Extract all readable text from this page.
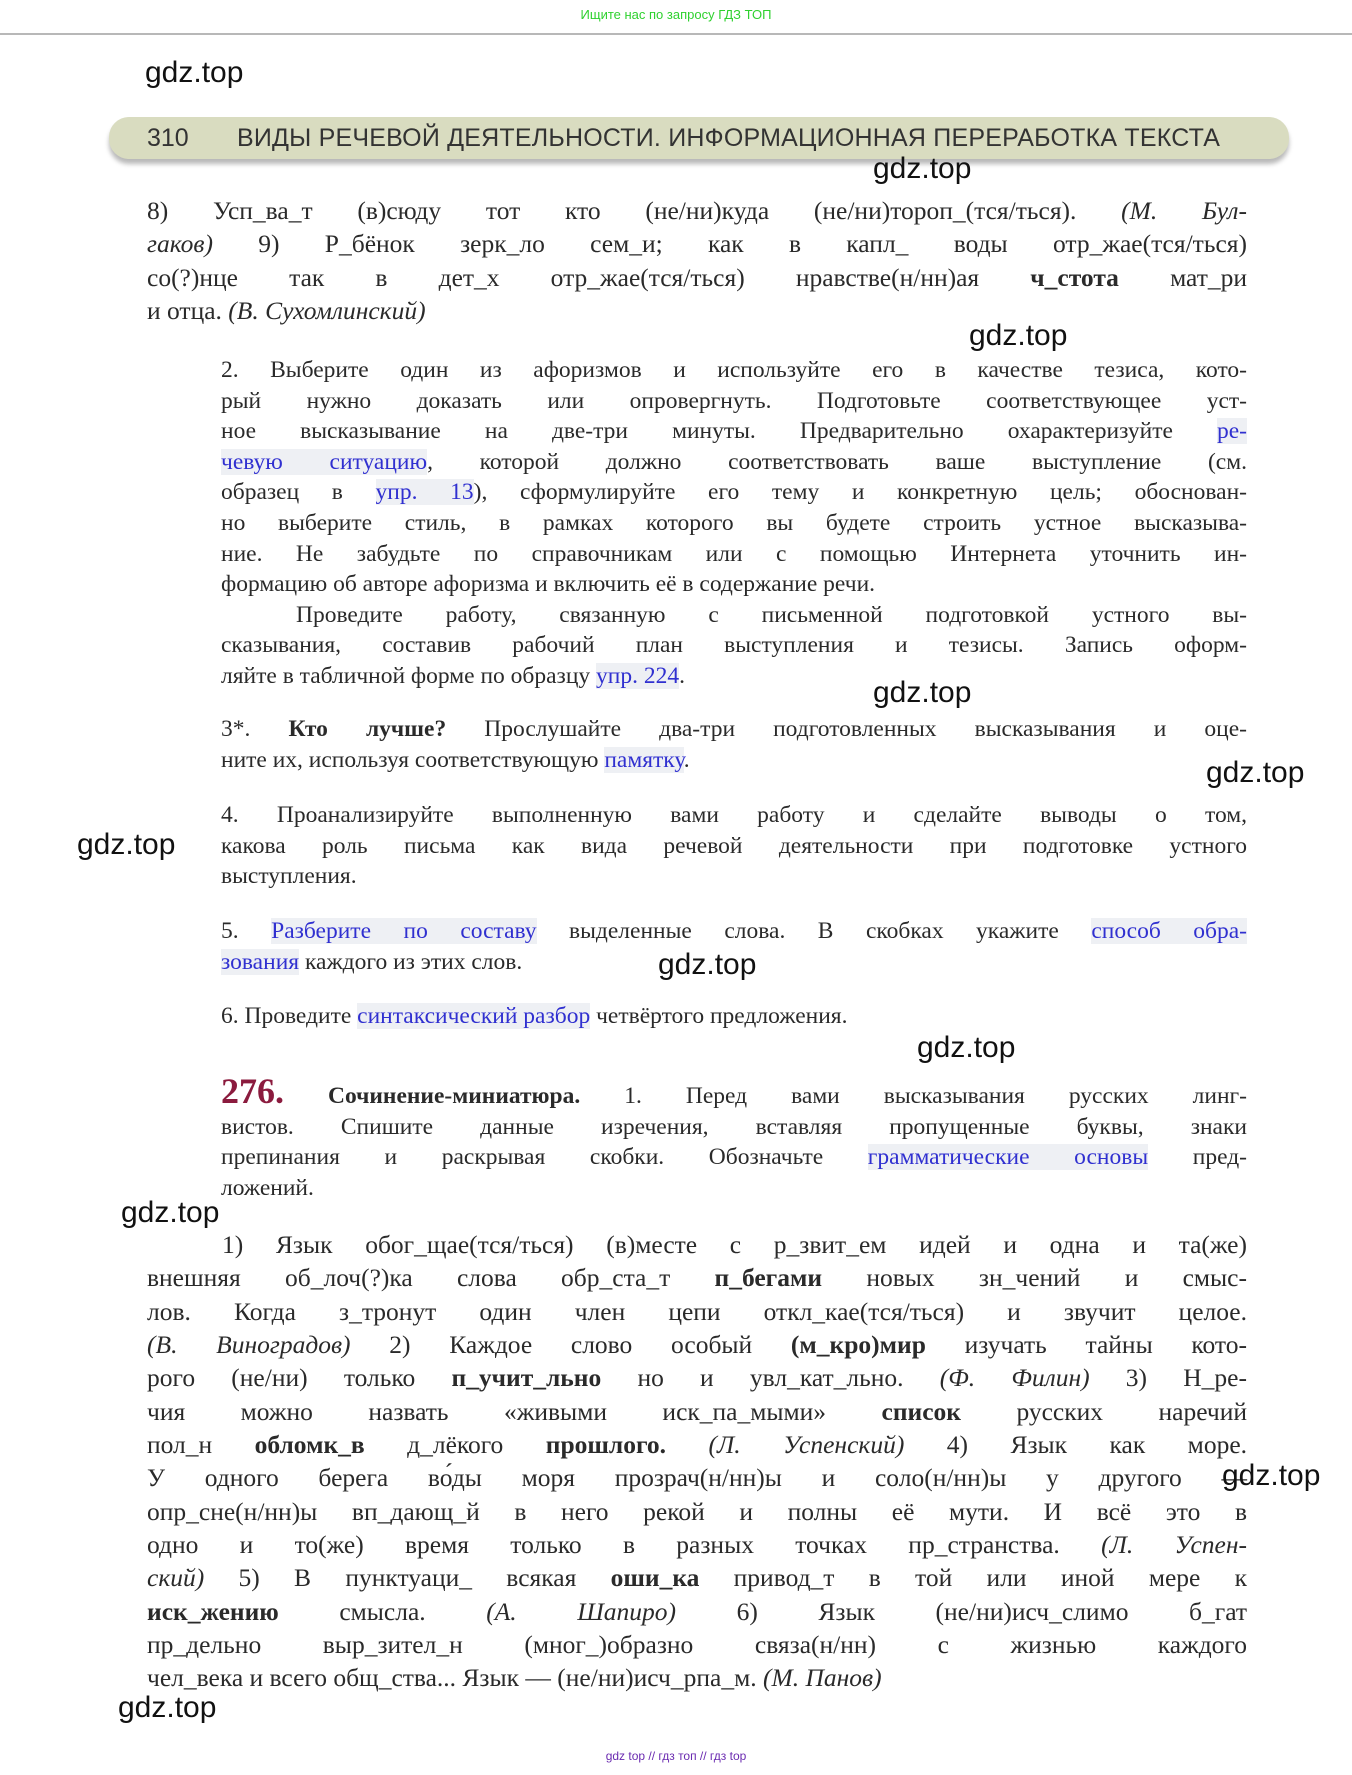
Ищите нас по запросу ГДЗ ТОП
310 ВИДЫ РЕЧЕВОЙ ДЕЯТЕЛЬНОСТИ. ИНФОРМАЦИОННАЯ ПЕРЕРАБОТКА ТЕКСТА
8) Усп_ва_т (в)сюду тот кто (не/ни)куда (не/ни)тороп_(тся/ться). (М. Бул-
гаков) 9) Р_бёнок зерк_ло сем_и; как в капл_ воды отр_жае(тся/ться)
со(?)нце так в дет_х отр_жае(тся/ться) нравстве(н/нн)ая ч_стота мат_ри
и отца. (В. Сухомлинский)
2. Выберите один из афоризмов и используйте его в качестве тезиса, кото-
рый нужно доказать или опровергнуть. Подготовьте соответствующее уст-
ное высказывание на две-три минуты. Предварительно охарактеризуйте ре-
чевую ситуацию, которой должно соответствовать ваше выступление (см.
образец в упр. 13), сформулируйте его тему и конкретную цель; обоснован-
но выберите стиль, в рамках которого вы будете строить устное высказыва-
ние. Не забудьте по справочникам или с помощью Интернета уточнить ин-
формацию об авторе афоризма и включить её в содержание речи.
Проведите работу, связанную с письменной подготовкой устного вы-
сказывания, составив рабочий план выступления и тезисы. Запись оформ-
ляйте в табличной форме по образцу упр. 224.
3*. Кто лучше? Прослушайте два-три подготовленных высказывания и оце-
ните их, используя соответствующую памятку.
4. Проанализируйте выполненную вами работу и сделайте выводы о том,
какова роль письма как вида речевой деятельности при подготовке устного
выступления.
5. Разберите по составу выделенные слова. В скобках укажите способ обра-
зования каждого из этих слов.
6. Проведите синтаксический разбор четвёртого предложения.
276. Сочинение-миниатюра. 1. Перед вами высказывания русских линг-
вистов. Спишите данные изречения, вставляя пропущенные буквы, знаки
препинания и раскрывая скобки. Обозначьте грамматические основы пред-
ложений.
1) Язык обог_щае(тся/ться) (в)месте с р_звит_ем идей и одна и та(же)
внешняя об_лоч(?)ка слова обр_ста_т п_бегами новых зн_чений и смыс-
лов. Когда з_тронут один член цепи откл_кае(тся/ться) и звучит целое.
(В. Виноградов) 2) Каждое слово особый (м_кро)мир изучать тайны кото-
рого (не/ни) только п_учит_льно но и увл_кат_льно. (Ф. Филин) 3) Н_ре-
чия можно назвать «живыми иск_па_мыми» список русских наречий
пол_н обломк_в д_лёкого прошлого. (Л. Успенский) 4) Язык как море.
У одного берега во́ды моря прозрач(н/нн)ы и соло(н/нн)ы у другого —
опр_сне(н/нн)ы вп_дающ_й в него рекой и полны её мути. И всё это в
одно и то(же) время только в разных точках пр_странства. (Л. Успен-
ский) 5) В пунктуаци_ всякая оши_ка привод_т в той или иной мере к
иск_жению смысла. (А. Шапиро) 6) Язык (не/ни)исч_слимо б_гат
пр_дельно выр_зител_н (мног_)образно связа(н/нн) с жизнью каждого
чел_века и всего общ_ства... Язык — (не/ни)исч_рпа_м. (М. Панов)
gdz.top
gdz.top
gdz.top
gdz.top
gdz.top
gdz.top
gdz.top
gdz.top
gdz.top
gdz.top
gdz.top
gdz top // гдз топ // гдз top
